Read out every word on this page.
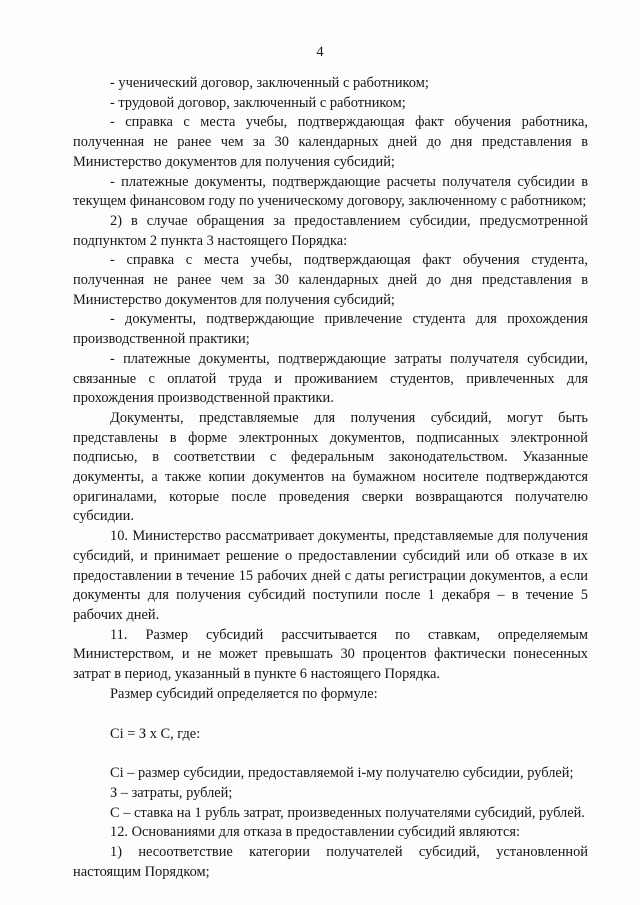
4

- ученический договор, заключенный с работником;

- трудовой договор, заключенный с работником;

- справка с места учебы, подтверждающая факт обучения работника, полученная не ранее чем за 30 календарных дней до дня представления в Министерство документов для получения субсидий;

- платежные документы, подтверждающие расчеты получателя субсидии в текущем финансовом году по ученическому договору, заключенному с работником;

2) в случае обращения за предоставлением субсидии, предусмотренной подпунктом 2 пункта 3 настоящего Порядка:

- справка с места учебы, подтверждающая факт обучения студента, полученная не ранее чем за 30 календарных дней до дня представления в Министерство документов для получения субсидий;

- документы, подтверждающие привлечение студента для прохождения производственной практики;

- платежные документы, подтверждающие затраты получателя субсидии, связанные с оплатой труда и проживанием студентов, привлеченных для прохождения производственной практики.

Документы, представляемые для получения субсидий, могут быть представлены в форме электронных документов, подписанных электронной подписью, в соответствии с федеральным законодательством. Указанные документы, а также копии документов на бумажном носителе подтверждаются оригиналами, которые после проведения сверки возвращаются получателю субсидии.

10. Министерство рассматривает документы, представляемые для получения субсидий, и принимает решение о предоставлении субсидий или об отказе в их предоставлении в течение 15 рабочих дней с даты регистрации документов, а если документы для получения субсидий поступили после 1 декабря – в течение 5 рабочих дней.

11. Размер субсидий рассчитывается по ставкам, определяемым Министерством, и не может превышать 30 процентов фактически понесенных затрат в период, указанный в пункте 6 настоящего Порядка.

Размер субсидий определяется по формуле:

Сi = З х С, где:

Сi – размер субсидии, предоставляемой i-му получателю субсидии, рублей;

З – затраты, рублей;

С – ставка на 1 рубль затрат, произведенных получателями субсидий, рублей.

12. Основаниями для отказа в предоставлении субсидий являются:

1) несоответствие категории получателей субсидий, установленной настоящим Порядком;
